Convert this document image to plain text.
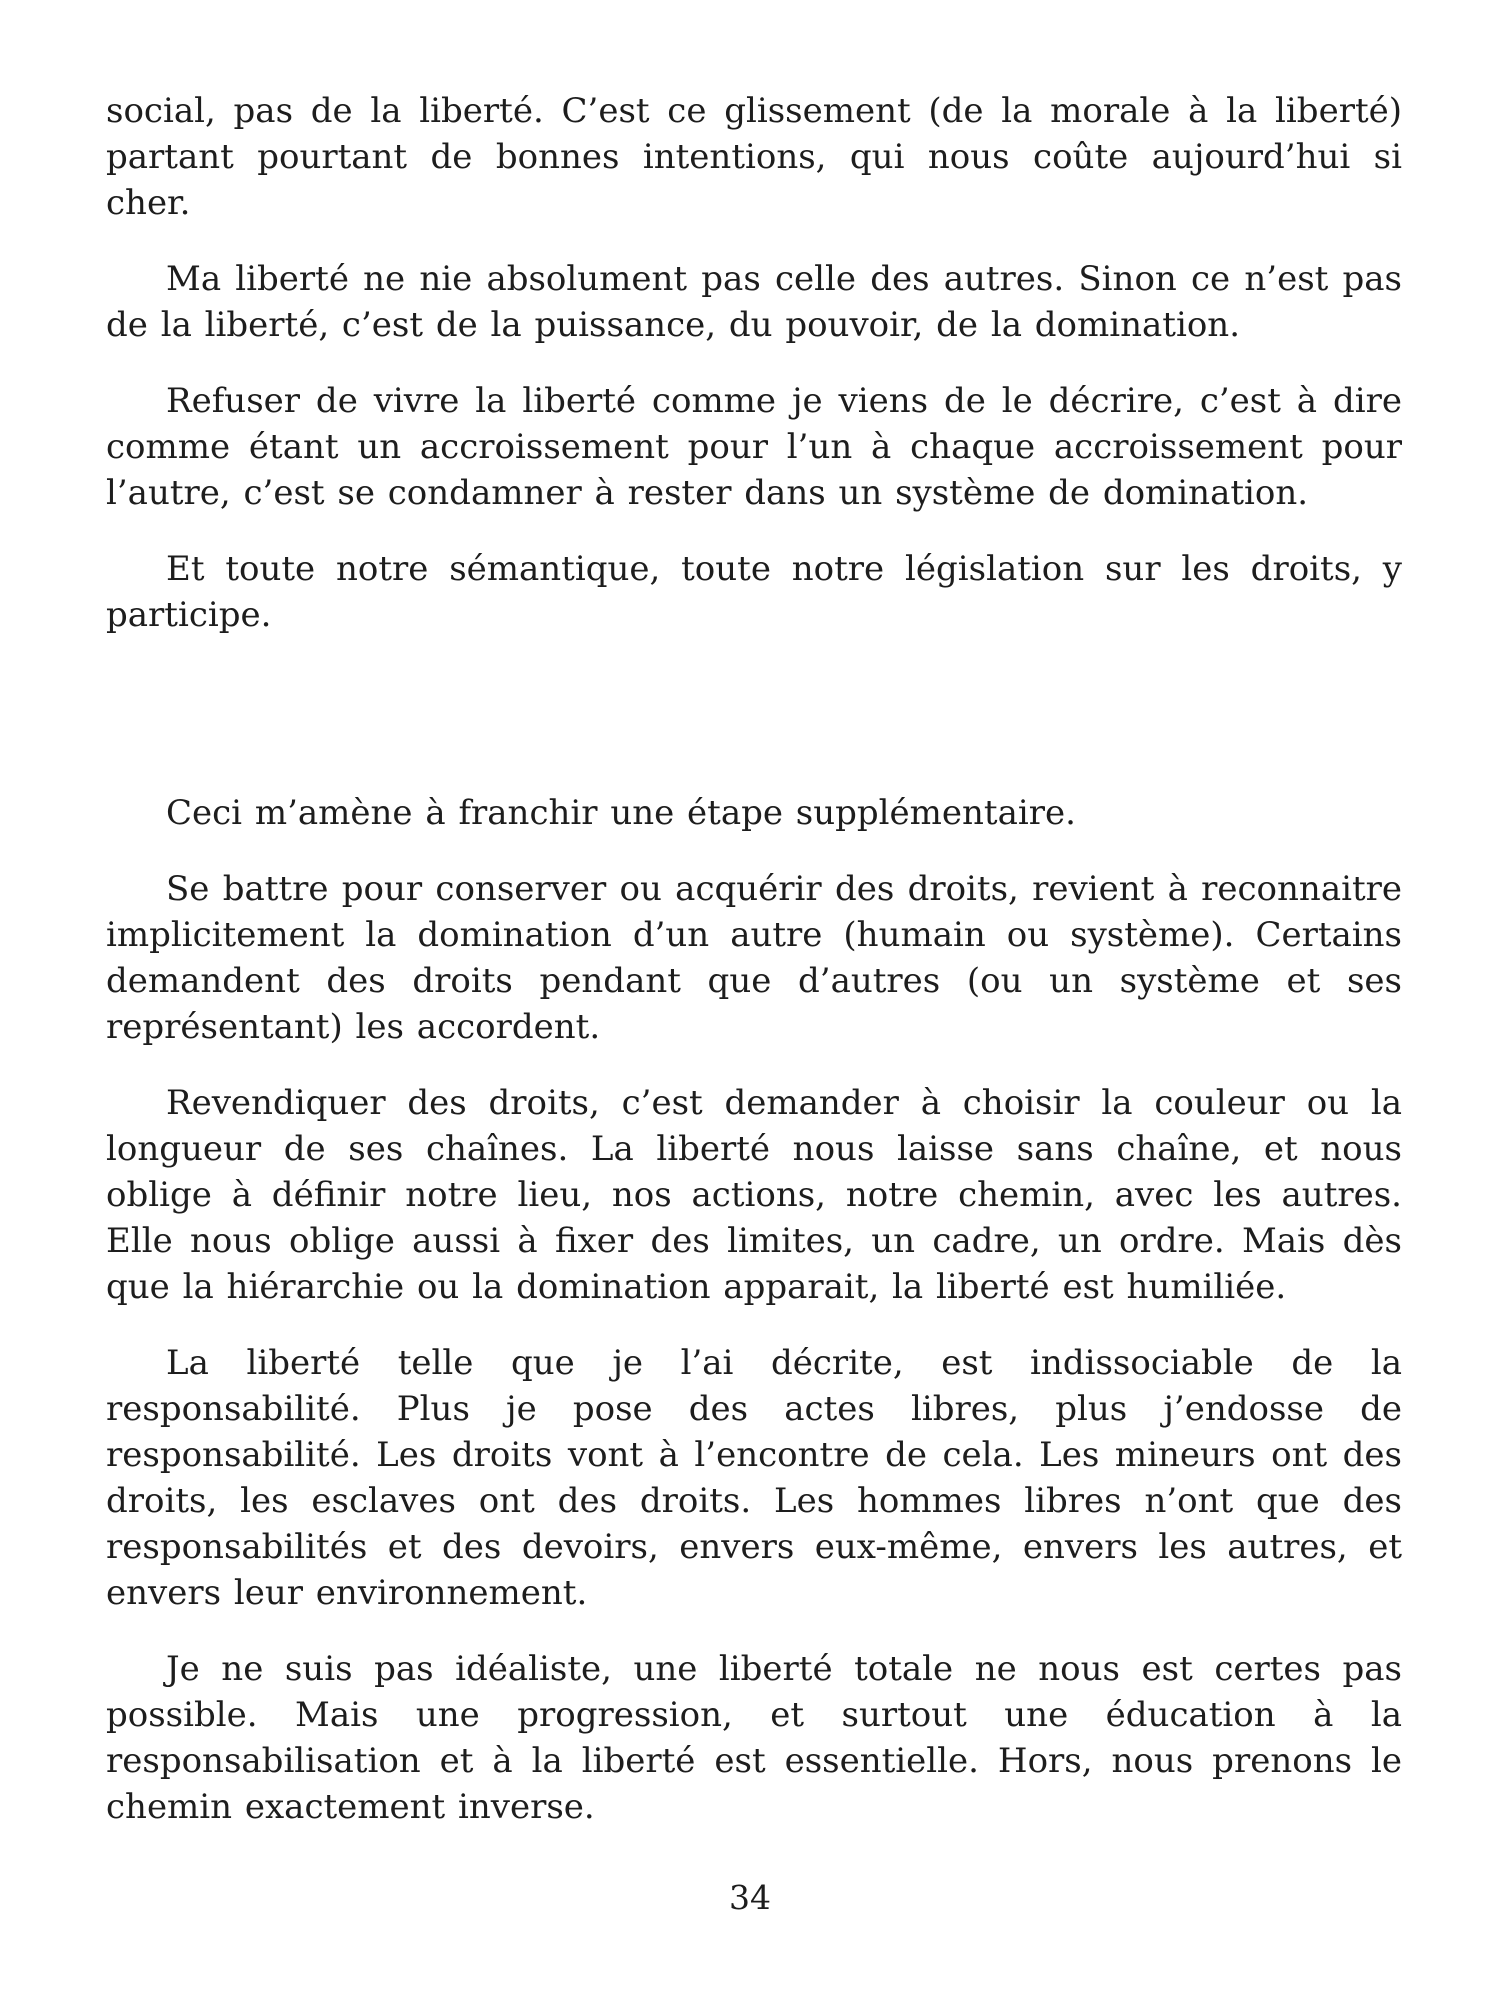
social, pas de la liberté. C’est ce glissement (de la morale à la liberté) partant pourtant de bonnes intentions, qui nous coûte aujourd’hui si cher.

Ma liberté ne nie absolument pas celle des autres. Sinon ce n’est pas de la liberté, c’est de la puissance, du pouvoir, de la domination.

Refuser de vivre la liberté comme je viens de le décrire, c’est à dire comme étant un accroissement pour l’un à chaque accroissement pour l’autre, c’est se condamner à rester dans un système de domination.

Et toute notre sémantique, toute notre législation sur les droits, y participe.

Ceci m’amène à franchir une étape supplémentaire.

Se battre pour conserver ou acquérir des droits, revient à reconnaitre implicitement la domination d’un autre (humain ou système). Certains demandent des droits pendant que d’autres (ou un système et ses représentant) les accordent.

Revendiquer des droits, c’est demander à choisir la couleur ou la longueur de ses chaînes. La liberté nous laisse sans chaîne, et nous oblige à définir notre lieu, nos actions, notre chemin, avec les autres. Elle nous oblige aussi à fixer des limites, un cadre, un ordre. Mais dès que la hiérarchie ou la domination apparait, la liberté est humiliée.

La liberté telle que je l’ai décrite, est indissociable de la responsabilité. Plus je pose des actes libres, plus j’endosse de responsabilité. Les droits vont à l’encontre de cela. Les mineurs ont des droits, les esclaves ont des droits. Les hommes libres n’ont que des responsabilités et des devoirs, envers eux-même, envers les autres, et envers leur environnement.

Je ne suis pas idéaliste, une liberté totale ne nous est certes pas possible. Mais une progression, et surtout une éducation à la responsabilisation et à la liberté est essentielle. Hors, nous prenons le chemin exactement inverse.

34
